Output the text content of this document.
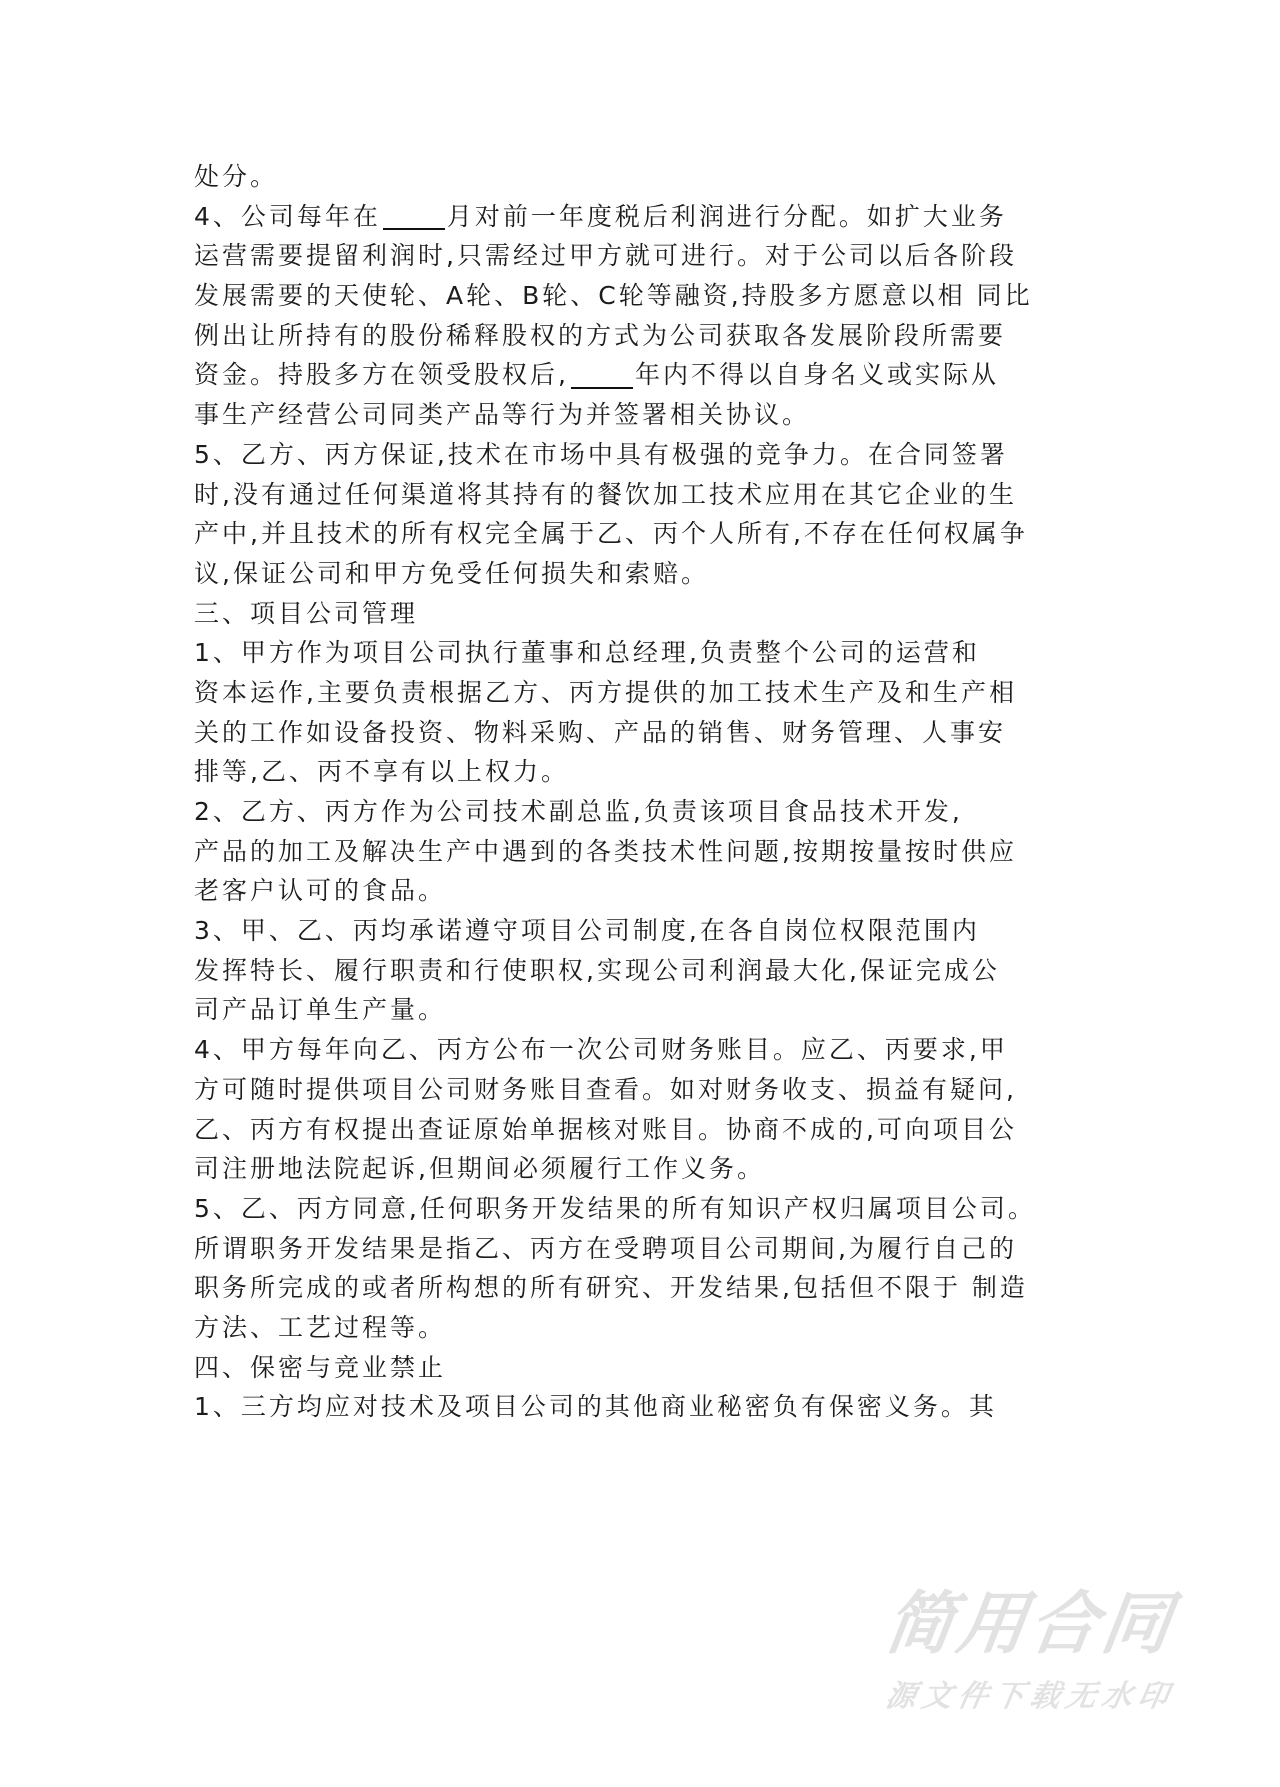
处分。
4、公司每年在	月对前一年度税后利润进行分配。如扩大业务
运营需要提留利润时,只需经过甲方就可进行。对于公司以后各阶段
发展需要的天使轮、A轮、B轮、C轮等融资,持股多方愿意以相 同比
例出让所持有的股份稀释股权的方式为公司获取各发展阶段所需要
资金。持股多方在领受股权后,	年内不得以自身名义或实际从
事生产经营公司同类产品等行为并签署相关协议。
5、乙方、丙方保证,技术在市场中具有极强的竞争力。在合同签署
时,没有通过任何渠道将其持有的餐饮加工技术应用在其它企业的生
产中,并且技术的所有权完全属于乙、丙个人所有,不存在任何权属争
议,保证公司和甲方免受任何损失和索赔。
三、项目公司管理
1、甲方作为项目公司执行董事和总经理,负责整个公司的运营和
资本运作,主要负责根据乙方、丙方提供的加工技术生产及和生产相
关的工作如设备投资、物料采购、产品的销售、财务管理、人事安
排等,乙、丙不享有以上权力。
2、乙方、丙方作为公司技术副总监,负责该项目食品技术开发,
产品的加工及解决生产中遇到的各类技术性问题,按期按量按时供应
老客户认可的食品。
3、甲、乙、丙均承诺遵守项目公司制度,在各自岗位权限范围内
发挥特长、履行职责和行使职权,实现公司利润最大化,保证完成公
司产品订单生产量。
4、甲方每年向乙、丙方公布一次公司财务账目。应乙、丙要求,甲
方可随时提供项目公司财务账目查看。如对财务收支、损益有疑问,
乙、丙方有权提出查证原始单据核对账目。协商不成的,可向项目公
司注册地法院起诉,但期间必须履行工作义务。
5、乙、丙方同意,任何职务开发结果的所有知识产权归属项目公司。
所谓职务开发结果是指乙、丙方在受聘项目公司期间,为履行自己的
职务所完成的或者所构想的所有研究、开发结果,包括但不限于 制造
方法、工艺过程等。
四、保密与竞业禁止
1、三方均应对技术及项目公司的其他商业秘密负有保密义务。其
简用合同
源文件下载无水印
